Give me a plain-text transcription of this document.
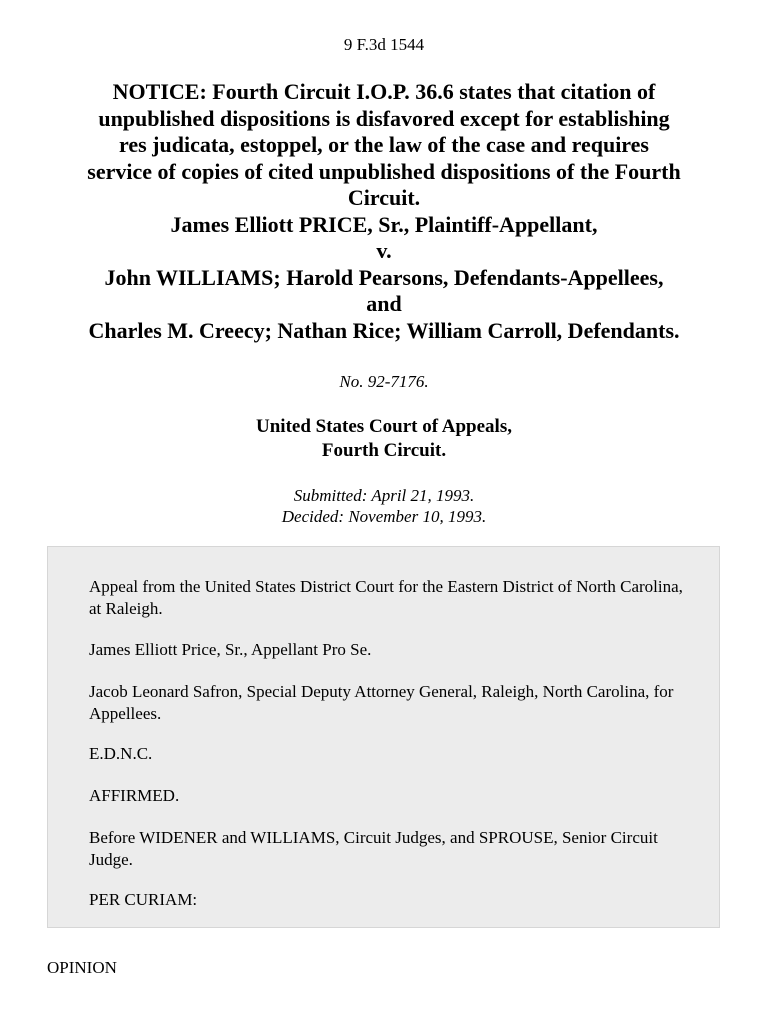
9 F.3d 1544
NOTICE: Fourth Circuit I.O.P. 36.6 states that citation of
unpublished dispositions is disfavored except for establishing
res judicata, estoppel, or the law of the case and requires
service of copies of cited unpublished dispositions of the Fourth
Circuit.
James Elliott PRICE, Sr., Plaintiff-Appellant,
v.
John WILLIAMS; Harold Pearsons, Defendants-Appellees,
and
Charles M. Creecy; Nathan Rice; William Carroll, Defendants.
No. 92-7176.
United States Court of Appeals,
Fourth Circuit.
Submitted: April 21, 1993.
Decided: November 10, 1993.

Appeal from the United States District Court for the Eastern District of North Carolina, at Raleigh.

James Elliott Price, Sr., Appellant Pro Se.

Jacob Leonard Safron, Special Deputy Attorney General, Raleigh, North Carolina, for Appellees.

E.D.N.C.

AFFIRMED.

Before WIDENER and WILLIAMS, Circuit Judges, and SPROUSE, Senior Circuit Judge.

PER CURIAM:

OPINION
